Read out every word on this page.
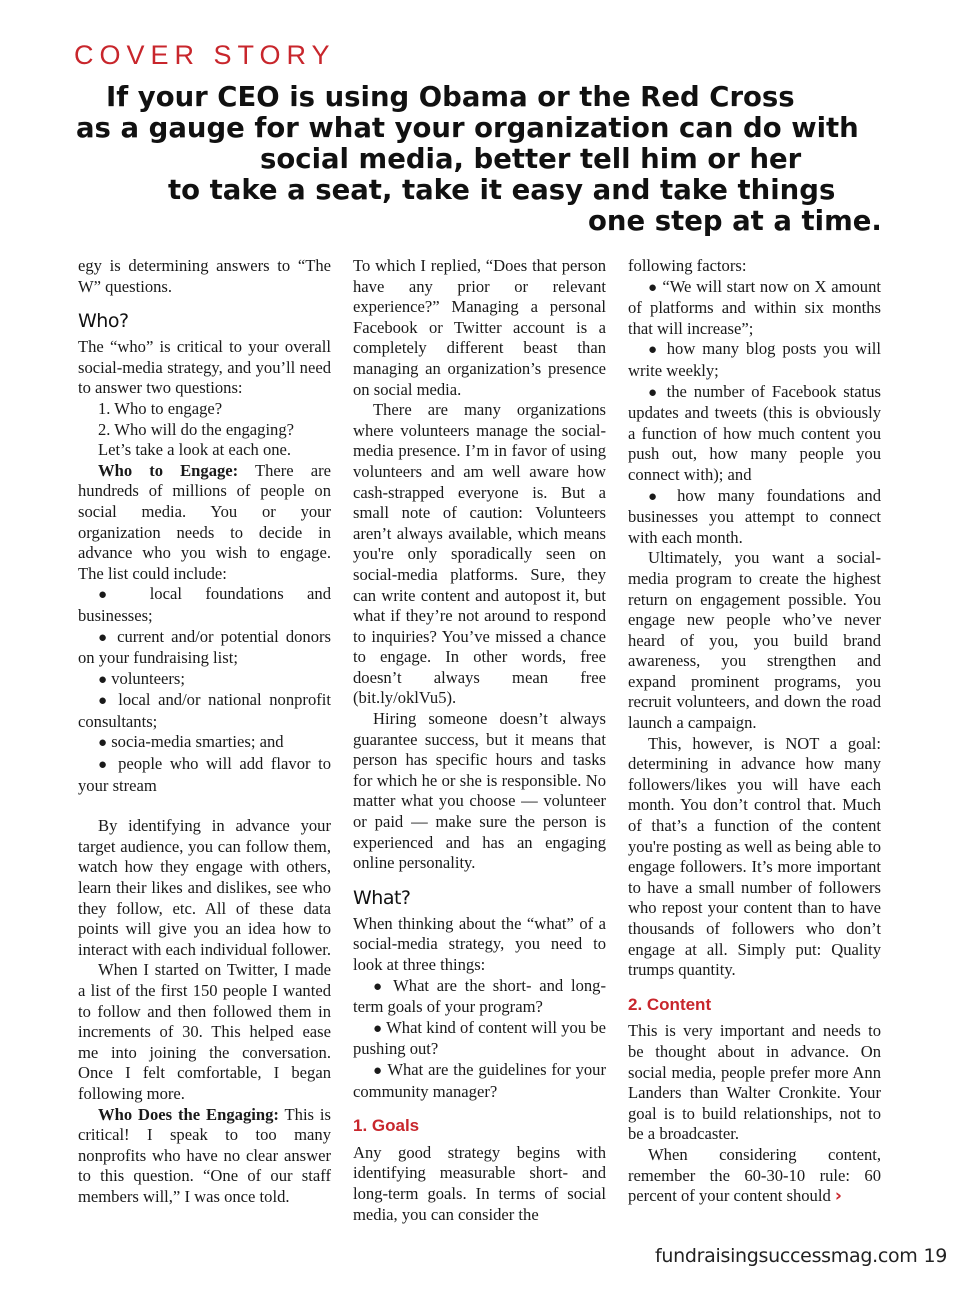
COVER STORY
If your CEO is using Obama or the Red Cross
as a gauge for what your organization can do with
social media, better tell him or her
to take a seat, take it easy and take things
one step at a time.

egy is determining answers to “The W” questions.

Who?

The “who” is critical to your overall social-media strategy, and you’ll need to answer two questions:

1. Who to engage?

2. Who will do the engaging?

Let’s take a look at each one.

Who to Engage: There are hundreds of millions of people on social media. You or your organization needs to decide in advance who you wish to engage. The list could include:

● local foundations and businesses;

● current and/or potential donors on your fundraising list;

● volunteers;

● local and/or national nonprofit consultants;

● socia-media smarties; and

● people who will add flavor to your stream

By identifying in advance your target audience, you can follow them, watch how they engage with others, learn their likes and dislikes, see who they follow, etc. All of these data points will give you an idea how to interact with each individual follower.

When I started on Twitter, I made a list of the first 150 people I wanted to follow and then followed them in increments of 30. This helped ease me into joining the conversation. Once I felt comfortable, I began following more.

Who Does the Engaging: This is critical! I speak to too many nonprofits who have no clear answer to this question. “One of our staff members will,” I was once told.

To which I replied, “Does that person have any prior or relevant experience?” Managing a personal Facebook or Twitter account is a completely different beast than managing an organization’s presence on social media.

There are many organizations where volunteers manage the social-media presence. I’m in favor of using volunteers and am well aware how cash-strapped everyone is. But a small note of caution: Volunteers aren’t always available, which means you're only sporadically seen on social-media platforms. Sure, they can write content and autopost it, but what if they’re not around to respond to inquiries? You’ve missed a chance to engage. In other words, free doesn’t always mean free (bit.ly/oklVu5).

Hiring someone doesn’t always guarantee success, but it means that person has specific hours and tasks for which he or she is responsible. No matter what you choose — volunteer or paid — make sure the person is experienced and has an engaging online personality.

What?

When thinking about the “what” of a social-media strategy, you need to look at three things:

● What are the short- and long-term goals of your program?

● What kind of content will you be pushing out?

● What are the guidelines for your community manager?

1. Goals

Any good strategy begins with identifying measurable short- and long-term goals. In terms of social media, you can consider the

following factors:

● “We will start now on X amount of platforms and within six months that will increase”;

● how many blog posts you will write weekly;

● the number of Facebook status updates and tweets (this is obviously a function of how much content you push out, how many people you connect with); and

● how many foundations and businesses you attempt to connect with each month.

Ultimately, you want a social-media program to create the highest return on engagement possible. You engage new people who’ve never heard of you, you build brand awareness, you strengthen and expand prominent programs, you recruit volunteers, and down the road launch a campaign.

This, however, is NOT a goal: determining in advance how many followers/likes you will have each month. You don’t control that. Much of that’s a function of the content you're posting as well as being able to engage followers. It’s more important to have a small number of followers who repost your content than to have thousands of followers who don’t engage at all. Simply put: Quality trumps quantity.

2. Content

This is very important and needs to be thought about in advance. On social media, people prefer more Ann Landers than Walter Cronkite. Your goal is to build relationships, not to be a broadcaster.

When considering content, remember the 60-30-10 rule: 60 percent of your content should ›

fundraisingsuccessmag.com 19
